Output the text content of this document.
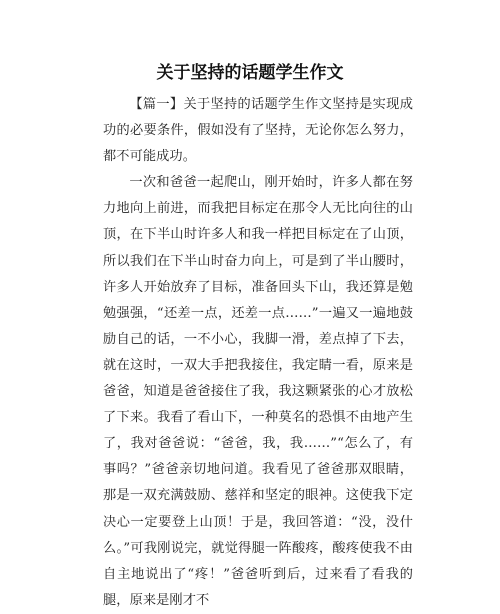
关于坚持的话题学生作文

【篇一】关于坚持的话题学生作文坚持是实现成功的必要条件，假如没有了坚持，无论你怎么努力，都不可能成功。

一次和爸爸一起爬山，刚开始时，许多人都在努力地向上前进，而我把目标定在那令人无比向往的山顶，在下半山时许多人和我一样把目标定在了山顶，所以我们在下半山时奋力向上，可是到了半山腰时，许多人开始放弃了目标，准备回头下山，我还算是勉勉强强，“还差一点，还差一点……”一遍又一遍地鼓励自己的话，一不小心，我脚一滑，差点掉了下去，就在这时，一双大手把我接住，我定睛一看，原来是爸爸，知道是爸爸接住了我，我这颗紧张的心才放松了下来。我看了看山下，一种莫名的恐惧不由地产生了，我对爸爸说：“爸爸，我，我……”“怎么了，有事吗？”爸爸亲切地问道。我看见了爸爸那双眼睛，那是一双充满鼓励、慈祥和坚定的眼神。这使我下定决心一定要登上山顶！于是，我回答道：“没，没什么。”可我刚说完，就觉得腿一阵酸疼，酸疼使我不由自主地说出了“疼！”爸爸听到后，过来看了看我的腿，原来是刚才不
